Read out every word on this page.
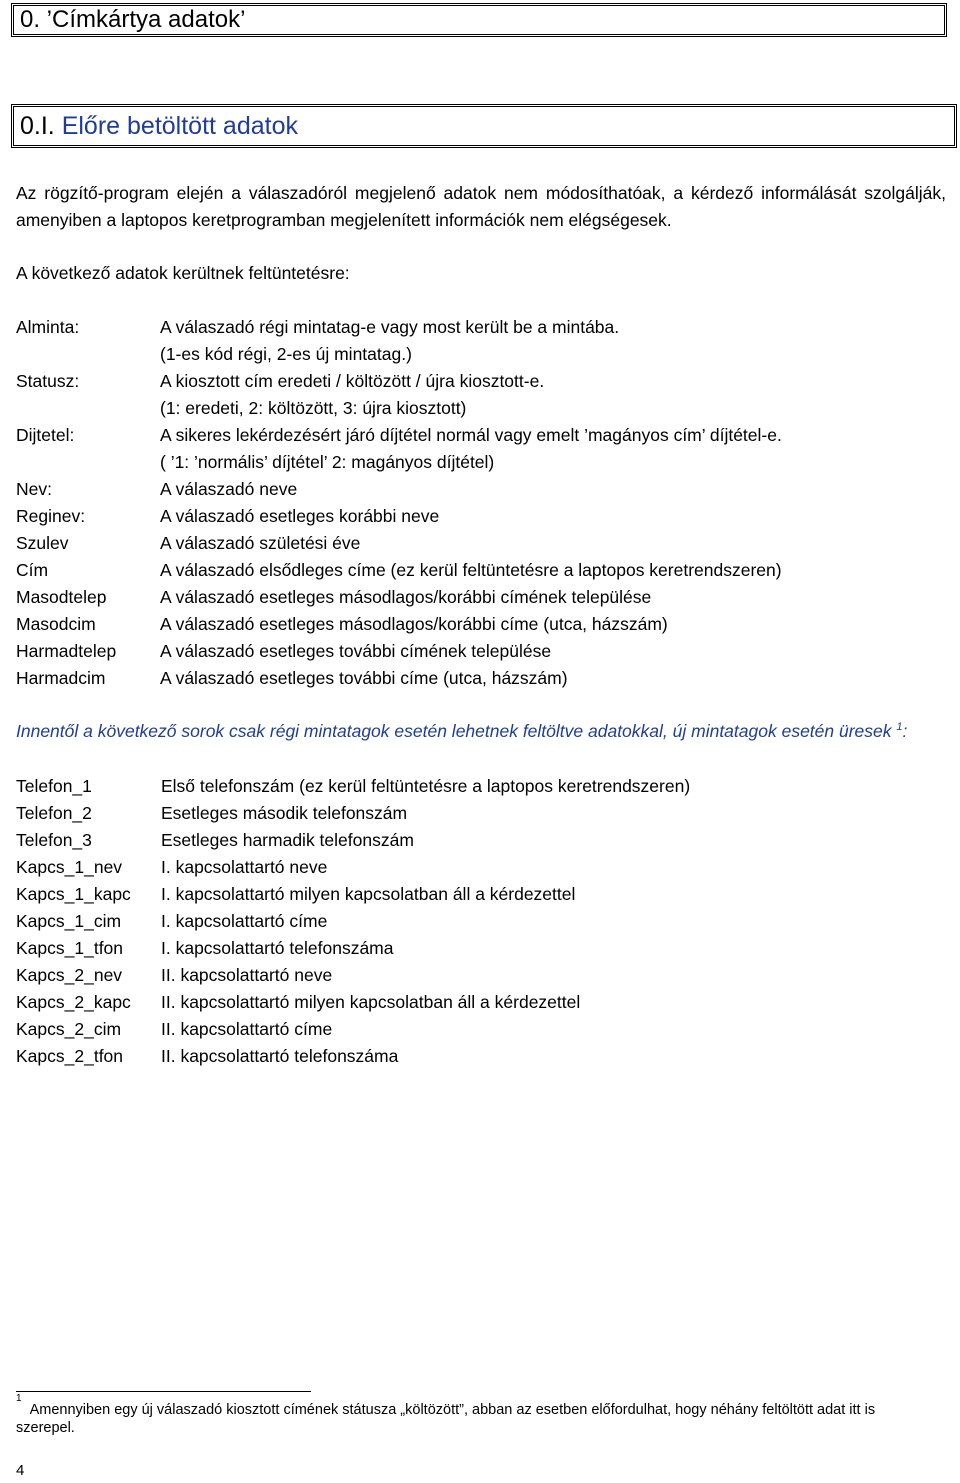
0. ’Címkártya adatok’
0.I. Előre betöltött adatok

Az rögzítő-program elején a válaszadóról megjelenő adatok nem módosíthatóak, a kérdező informálását szolgálják, amenyiben a laptopos keretprogramban megjelenített információk nem elégségesek.

A következő adatok kerültnek feltüntetésre:
Alminta:	A válaszadó régi mintatag-e vagy most került be a mintába.
(1-es kód régi, 2-es új mintatag.)
Statusz:	A kiosztott cím eredeti / költözött / újra kiosztott-e.
(1: eredeti, 2: költözött, 3: újra kiosztott)
Dijtetel:	A sikeres lekérdezésért járó díjtétel normál vagy emelt ’magányos cím’ díjtétel-e.
( ’1: ’normális’ díjtétel’ 2: magányos díjtétel)
Nev:	A válaszadó neve
Reginev:	A válaszadó esetleges korábbi neve
Szulev	A válaszadó születési éve
Cím	A válaszadó elsődleges címe (ez kerül feltüntetésre a laptopos keretrendszeren)
Masodtelep	A válaszadó esetleges másodlagos/korábbi címének települése
Masodcim	A válaszadó esetleges másodlagos/korábbi címe (utca, házszám)
Harmadtelep	A válaszadó esetleges további címének települése
Harmadcim	A válaszadó esetleges további címe (utca, házszám)
Innentől a következő sorok csak régi mintatagok esetén lehetnek feltöltve adatokkal, új mintatagok esetén üresek $^1$:
Telefon_1	Első telefonszám (ez kerül feltüntetésre a laptopos keretrendszeren)
Telefon_2	Esetleges második telefonszám
Telefon_3	Esetleges harmadik telefonszám
Kapcs_1_nev	I. kapcsolattartó neve
Kapcs_1_kapc	I. kapcsolattartó milyen kapcsolatban áll a kérdezettel
Kapcs_1_cim	I. kapcsolattartó címe
Kapcs_1_tfon	I. kapcsolattartó telefonszáma
Kapcs_2_nev	II. kapcsolattartó neve
Kapcs_2_kapc	II. kapcsolattartó milyen kapcsolatban áll a kérdezettel
Kapcs_2_cim	II. kapcsolattartó címe
Kapcs_2_tfon	II. kapcsolattartó telefonszáma
$^1$Amennyiben egy új válaszadó kiosztott címének státusza „költözött”, abban az esetben előfordulhat, hogy néhány feltöltött adat itt is szerepel.
4
